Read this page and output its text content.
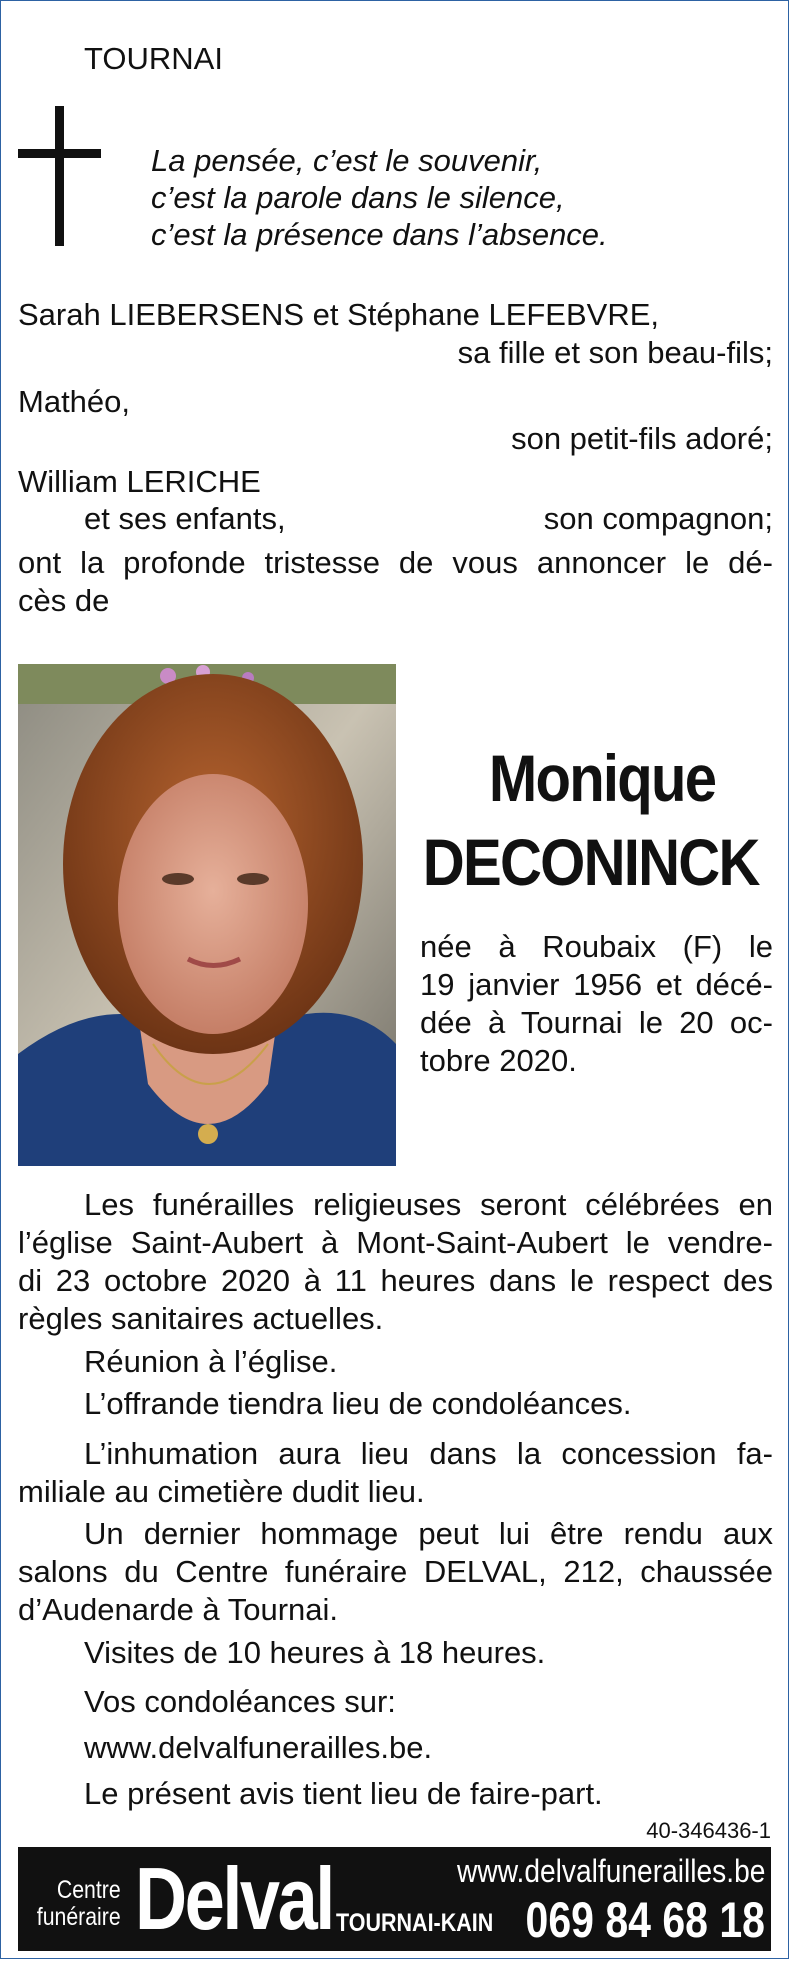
TOURNAI
La pensée, c’est le souvenir,
c’est la parole dans le silence,
c’est la présence dans l’absence.
Sarah LIEBERSENS et Stéphane LEFEBVRE,
sa fille et son beau-fils;
Mathéo,
son petit-fils adoré;
William LERICHE
et ses enfants,	son compagnon;
ont la profonde tristesse de vous annoncer le dé-
cès de
Monique
DECONINCK
née à Roubaix (F) le
19 janvier 1956 et décé-
dée à Tournai le 20 oc-
tobre 2020.
Les funérailles religieuses seront célébrées en
l’église Saint-Aubert à Mont-Saint-Aubert le vendre-
di 23 octobre 2020 à 11 heures dans le respect des
règles sanitaires actuelles.
Réunion à l’église.
L’offrande tiendra lieu de condoléances.
L’inhumation aura lieu dans la concession fa-
miliale au cimetière dudit lieu.
Un dernier hommage peut lui être rendu aux
salons du Centre funéraire DELVAL, 212, chaussée
d’Audenarde à Tournai.
Visites de 10 heures à 18 heures.
Vos condoléances sur:
www.delvalfunerailles.be.
Le présent avis tient lieu de faire-part.
40-346436-1
Centre
funéraire Delval	www.delvalfunerailles.be
TOURNAI-KAIN 069 84 68 18
